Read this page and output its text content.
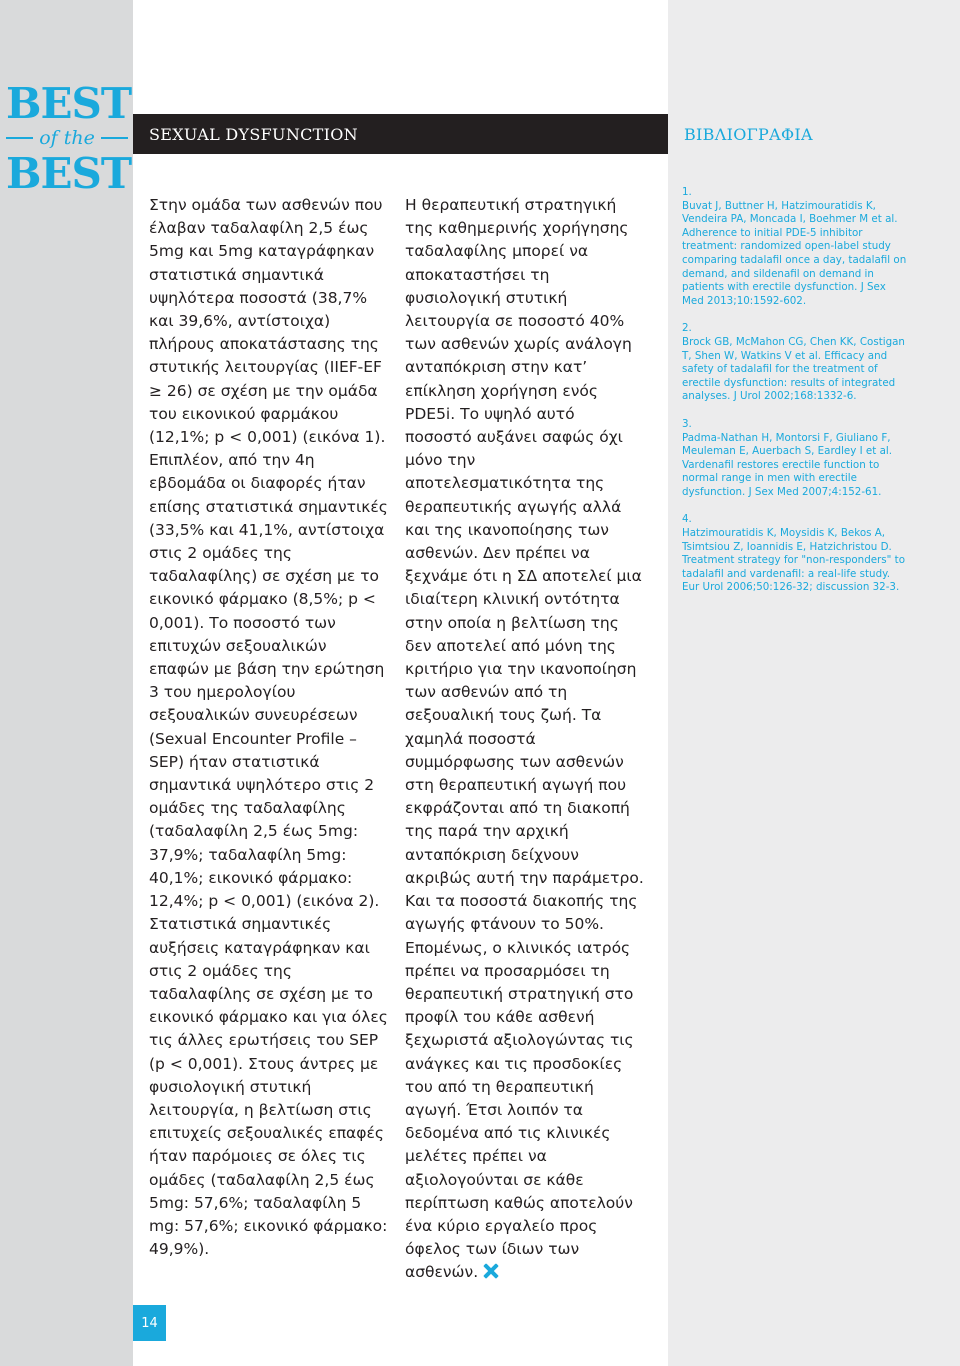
BEST
of the
BEST
SEXUAL DYSFUNCTION	ΒΙΒΛΙΟΓΡΑΦΙΑ

Στην ομάδα των ασθενών που έλαβαν ταδαλαφίλη 2,5 έως 5mg και 5mg καταγράφηκαν στατιστικά σημαντικά υψηλότερα ποσοστά (38,7% και 39,6%, αντίστοιχα) πλήρους αποκατάστασης της στυτικής λειτουργίας (IIEF-EF ≥ 26) σε σχέση με την ομάδα του εικονικού φαρμάκου (12,1%; p < 0,001) (εικόνα 1). Επιπλέον, από την 4η εβδομάδα οι διαφορές ήταν επίσης στατιστικά σημαντικές (33,5% και 41,1%, αντίστοιχα στις 2 ομάδες της ταδαλαφίλης) σε σχέση με το εικονικό φάρμακο (8,5%; p < 0,001). Το ποσοστό των επιτυχών σεξουαλικών επαφών με βάση την ερώτηση 3 του ημερολογίου σεξουαλικών συνευρέσεων (Sexual Encounter Profile – SEP) ήταν στατιστικά σημαντικά υψηλότερο στις 2 ομάδες της ταδαλαφίλης (ταδαλαφίλη 2,5 έως 5mg: 37,9%; ταδαλαφίλη 5mg: 40,1%; εικονικό φάρμακο: 12,4%; p < 0,001) (εικόνα 2). Στατιστικά σημαντικές αυξήσεις καταγράφηκαν και στις 2 ομάδες της ταδαλαφίλης σε σχέση με το εικονικό φάρμακο και για όλες τις άλλες ερωτήσεις του SEP (p < 0,001). Στους άντρες με φυσιολογική στυτική λειτουργία, η βελτίωση στις επιτυχείς σεξουαλικές επαφές ήταν παρόμοιες σε όλες τις ομάδες (ταδαλαφίλη 2,5 έως 5mg: 57,6%; ταδαλαφίλη 5 mg: 57,6%; εικονικό φάρμακο: 49,9%).

Η θεραπευτική στρατηγική της καθημερινής χορήγησης ταδαλαφίλης μπορεί να αποκαταστήσει τη φυσιολογική στυτική λειτουργία σε ποσοστό 40% των ασθενών χωρίς ανάλογη ανταπόκριση στην κατ’ επίκληση χορήγηση ενός PDE5i. Το υψηλό αυτό ποσοστό αυξάνει σαφώς όχι μόνο την αποτελεσματικότητα της θεραπευτικής αγωγής αλλά και της ικανοποίησης των ασθενών. Δεν πρέπει να ξεχνάμε ότι η ΣΔ αποτελεί μια ιδιαίτερη κλινική οντότητα στην οποία η βελτίωση της δεν αποτελεί από μόνη της κριτήριο για την ικανοποίηση των ασθενών από τη σεξουαλική τους ζωή. Τα χαμηλά ποσοστά συμμόρφωσης των ασθενών στη θεραπευτική αγωγή που εκφράζονται από τη διακοπή της παρά την αρχική ανταπόκριση δείχνουν ακριβώς αυτή την παράμετρο. Και τα ποσοστά διακοπής της αγωγής φτάνουν το 50%. Επομένως, ο κλινικός ιατρός πρέπει να προσαρμόσει τη θεραπευτική στρατηγική στο προφίλ του κάθε ασθενή ξεχωριστά αξιολογώντας τις ανάγκες και τις προσδοκίες του από τη θεραπευτική αγωγή. Έτσι λοιπόν τα δεδομένα από τις κλινικές μελέτες πρέπει να αξιολογούνται σε κάθε περίπτωση καθώς αποτελούν ένα κύριο εργαλείο προς όφελος των ίδιων των ασθενών.

1.
Buvat J, Buttner H, Hatzimouratidis K, Vendeira PA, Moncada I, Boehmer M et al. Adherence to initial PDE-5 inhibitor treatment: randomized open-label study comparing tadalafil once a day, tadalafil on demand, and sildenafil on demand in patients with erectile dysfunction. J Sex Med 2013;10:1592-602.
2.
Brock GB, McMahon CG, Chen KK, Costigan T, Shen W, Watkins V et al. Efficacy and safety of tadalafil for the treatment of erectile dysfunction: results of integrated analyses. J Urol 2002;168:1332-6.
3.
Padma-Nathan H, Montorsi F, Giuliano F, Meuleman E, Auerbach S, Eardley I et al. Vardenafil restores erectile function to normal range in men with erectile dysfunction. J Sex Med 2007;4:152-61.
4.
Hatzimouratidis K, Moysidis K, Bekos A, Tsimtsiou Z, Ioannidis E, Hatzichristou D. Treatment strategy for "non-responders" to tadalafil and vardenafil: a real-life study. Eur Urol 2006;50:126-32; discussion 32-3.
14
